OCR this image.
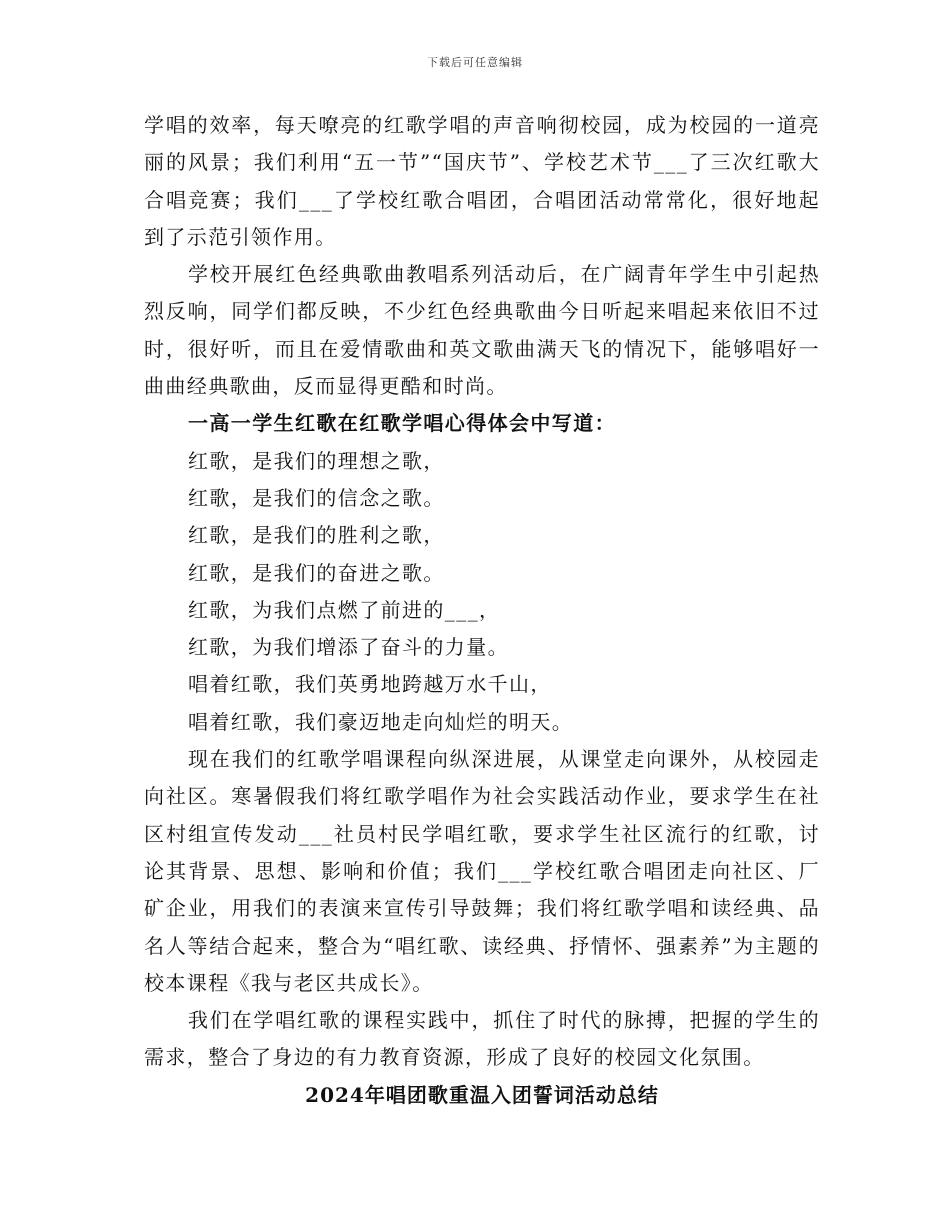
下载后可任意编辑

学唱的效率，每天嘹亮的红歌学唱的声音响彻校园，成为校园的一道亮丽的风景；我们利用“五一节”“国庆节”、学校艺术节___了三次红歌大合唱竞赛；我们___了学校红歌合唱团，合唱团活动常常化，很好地起到了示范引领作用。

学校开展红色经典歌曲教唱系列活动后，在广阔青年学生中引起热烈反响，同学们都反映，不少红色经典歌曲今日听起来唱起来依旧不过时，很好听，而且在爱情歌曲和英文歌曲满天飞的情况下，能够唱好一曲曲经典歌曲，反而显得更酷和时尚。

一高一学生红歌在红歌学唱心得体会中写道：

红歌，是我们的理想之歌，

红歌，是我们的信念之歌。

红歌，是我们的胜利之歌，

红歌，是我们的奋进之歌。

红歌，为我们点燃了前进的___，

红歌，为我们增添了奋斗的力量。

唱着红歌，我们英勇地跨越万水千山，

唱着红歌，我们豪迈地走向灿烂的明天。

现在我们的红歌学唱课程向纵深进展，从课堂走向课外，从校园走向社区。寒暑假我们将红歌学唱作为社会实践活动作业，要求学生在社区村组宣传发动___社员村民学唱红歌，要求学生社区流行的红歌，讨论其背景、思想、影响和价值；我们___学校红歌合唱团走向社区、厂矿企业，用我们的表演来宣传引导鼓舞；我们将红歌学唱和读经典、品名人等结合起来，整合为“唱红歌、读经典、抒情怀、强素养”为主题的校本课程《我与老区共成长》。

我们在学唱红歌的课程实践中，抓住了时代的脉搏，把握的学生的需求，整合了身边的有力教育资源，形成了良好的校园文化氛围。

2024年唱团歌重温入团誓词活动总结
